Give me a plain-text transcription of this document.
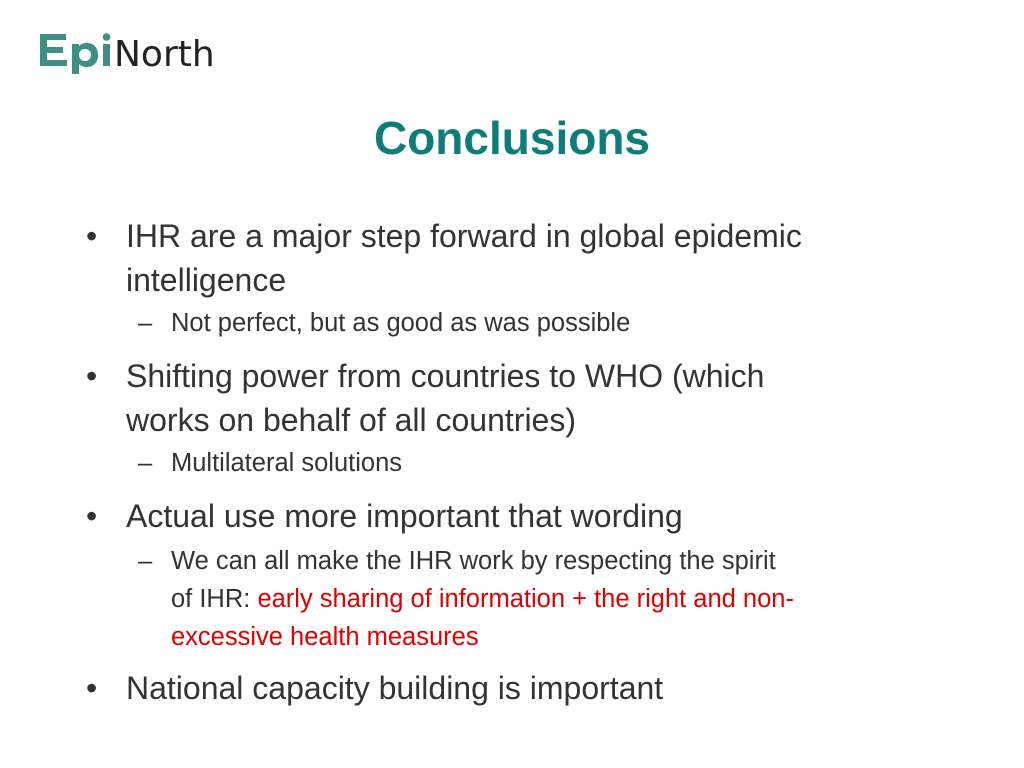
North
Conclusions
• IHR are a major step forward in global epidemic
intelligence
– Not perfect, but as good as was possible
• Shifting power from countries to WHO (which
works on behalf of all countries)
– Multilateral solutions
• Actual use more important that wording
– We can all make the IHR work by respecting the spirit
of IHR: early sharing of information + the right and non-
excessive health measures
• National capacity building is important
